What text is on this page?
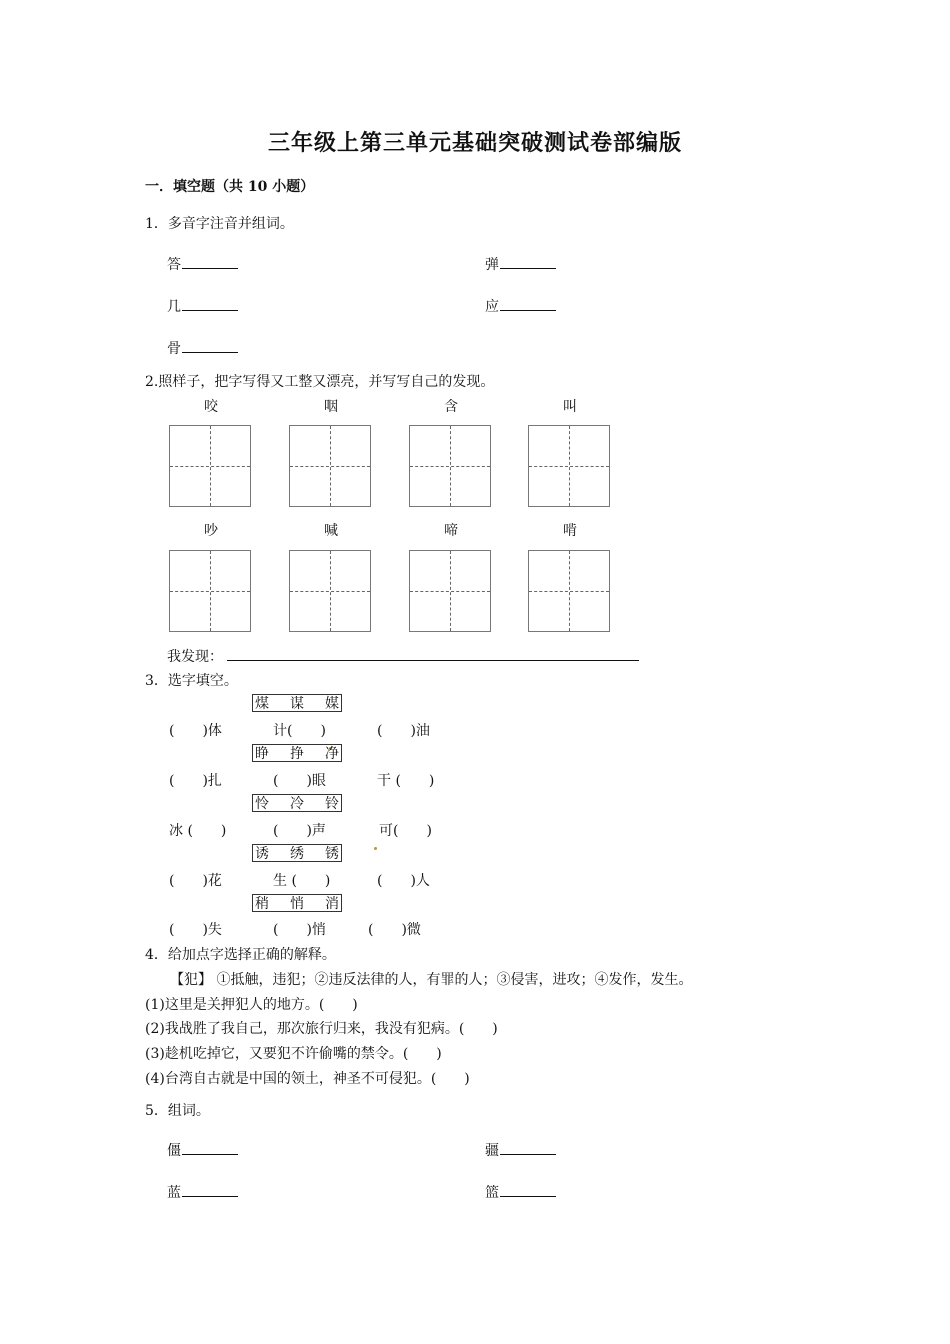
三年级上第三单元基础突破测试卷部编版
一．填空题（共 10 小题）
1．多音字注音并组词。
答	弹
几	应
骨
2.照样子，把字写得又工整又漂亮，并写写自己的发现。
咬	咽	含	叫
吵	喊	啼	啃
我发现：
3．选字填空。
煤 谋 媒
(　　)体	计(　　)	(　　)油
睁 挣 净
(　　)扎	(　　)眼	干 (　　)
怜 冷 铃
冰 (　　)	(　　)声	可(　　)
诱 绣 锈
(　　)花	生 (　　)	(　　)人
稍 悄 消
(　　)失	(　　)悄	(　　)微
4．给加点字选择正确的解释。
【犯】 ①抵触，违犯；②违反法律的人，有罪的人；③侵害，进攻；④发作，发生。
(1)这里是关押犯人的地方。(　　)
(2)我战胜了我自己，那次旅行归来，我没有犯病。(　　)
(3)趁机吃掉它，又要犯不许偷嘴的禁令。(　　)
(4)台湾自古就是中国的领土，神圣不可侵犯。(　　)
5．组词。
僵	疆
蓝	篮
